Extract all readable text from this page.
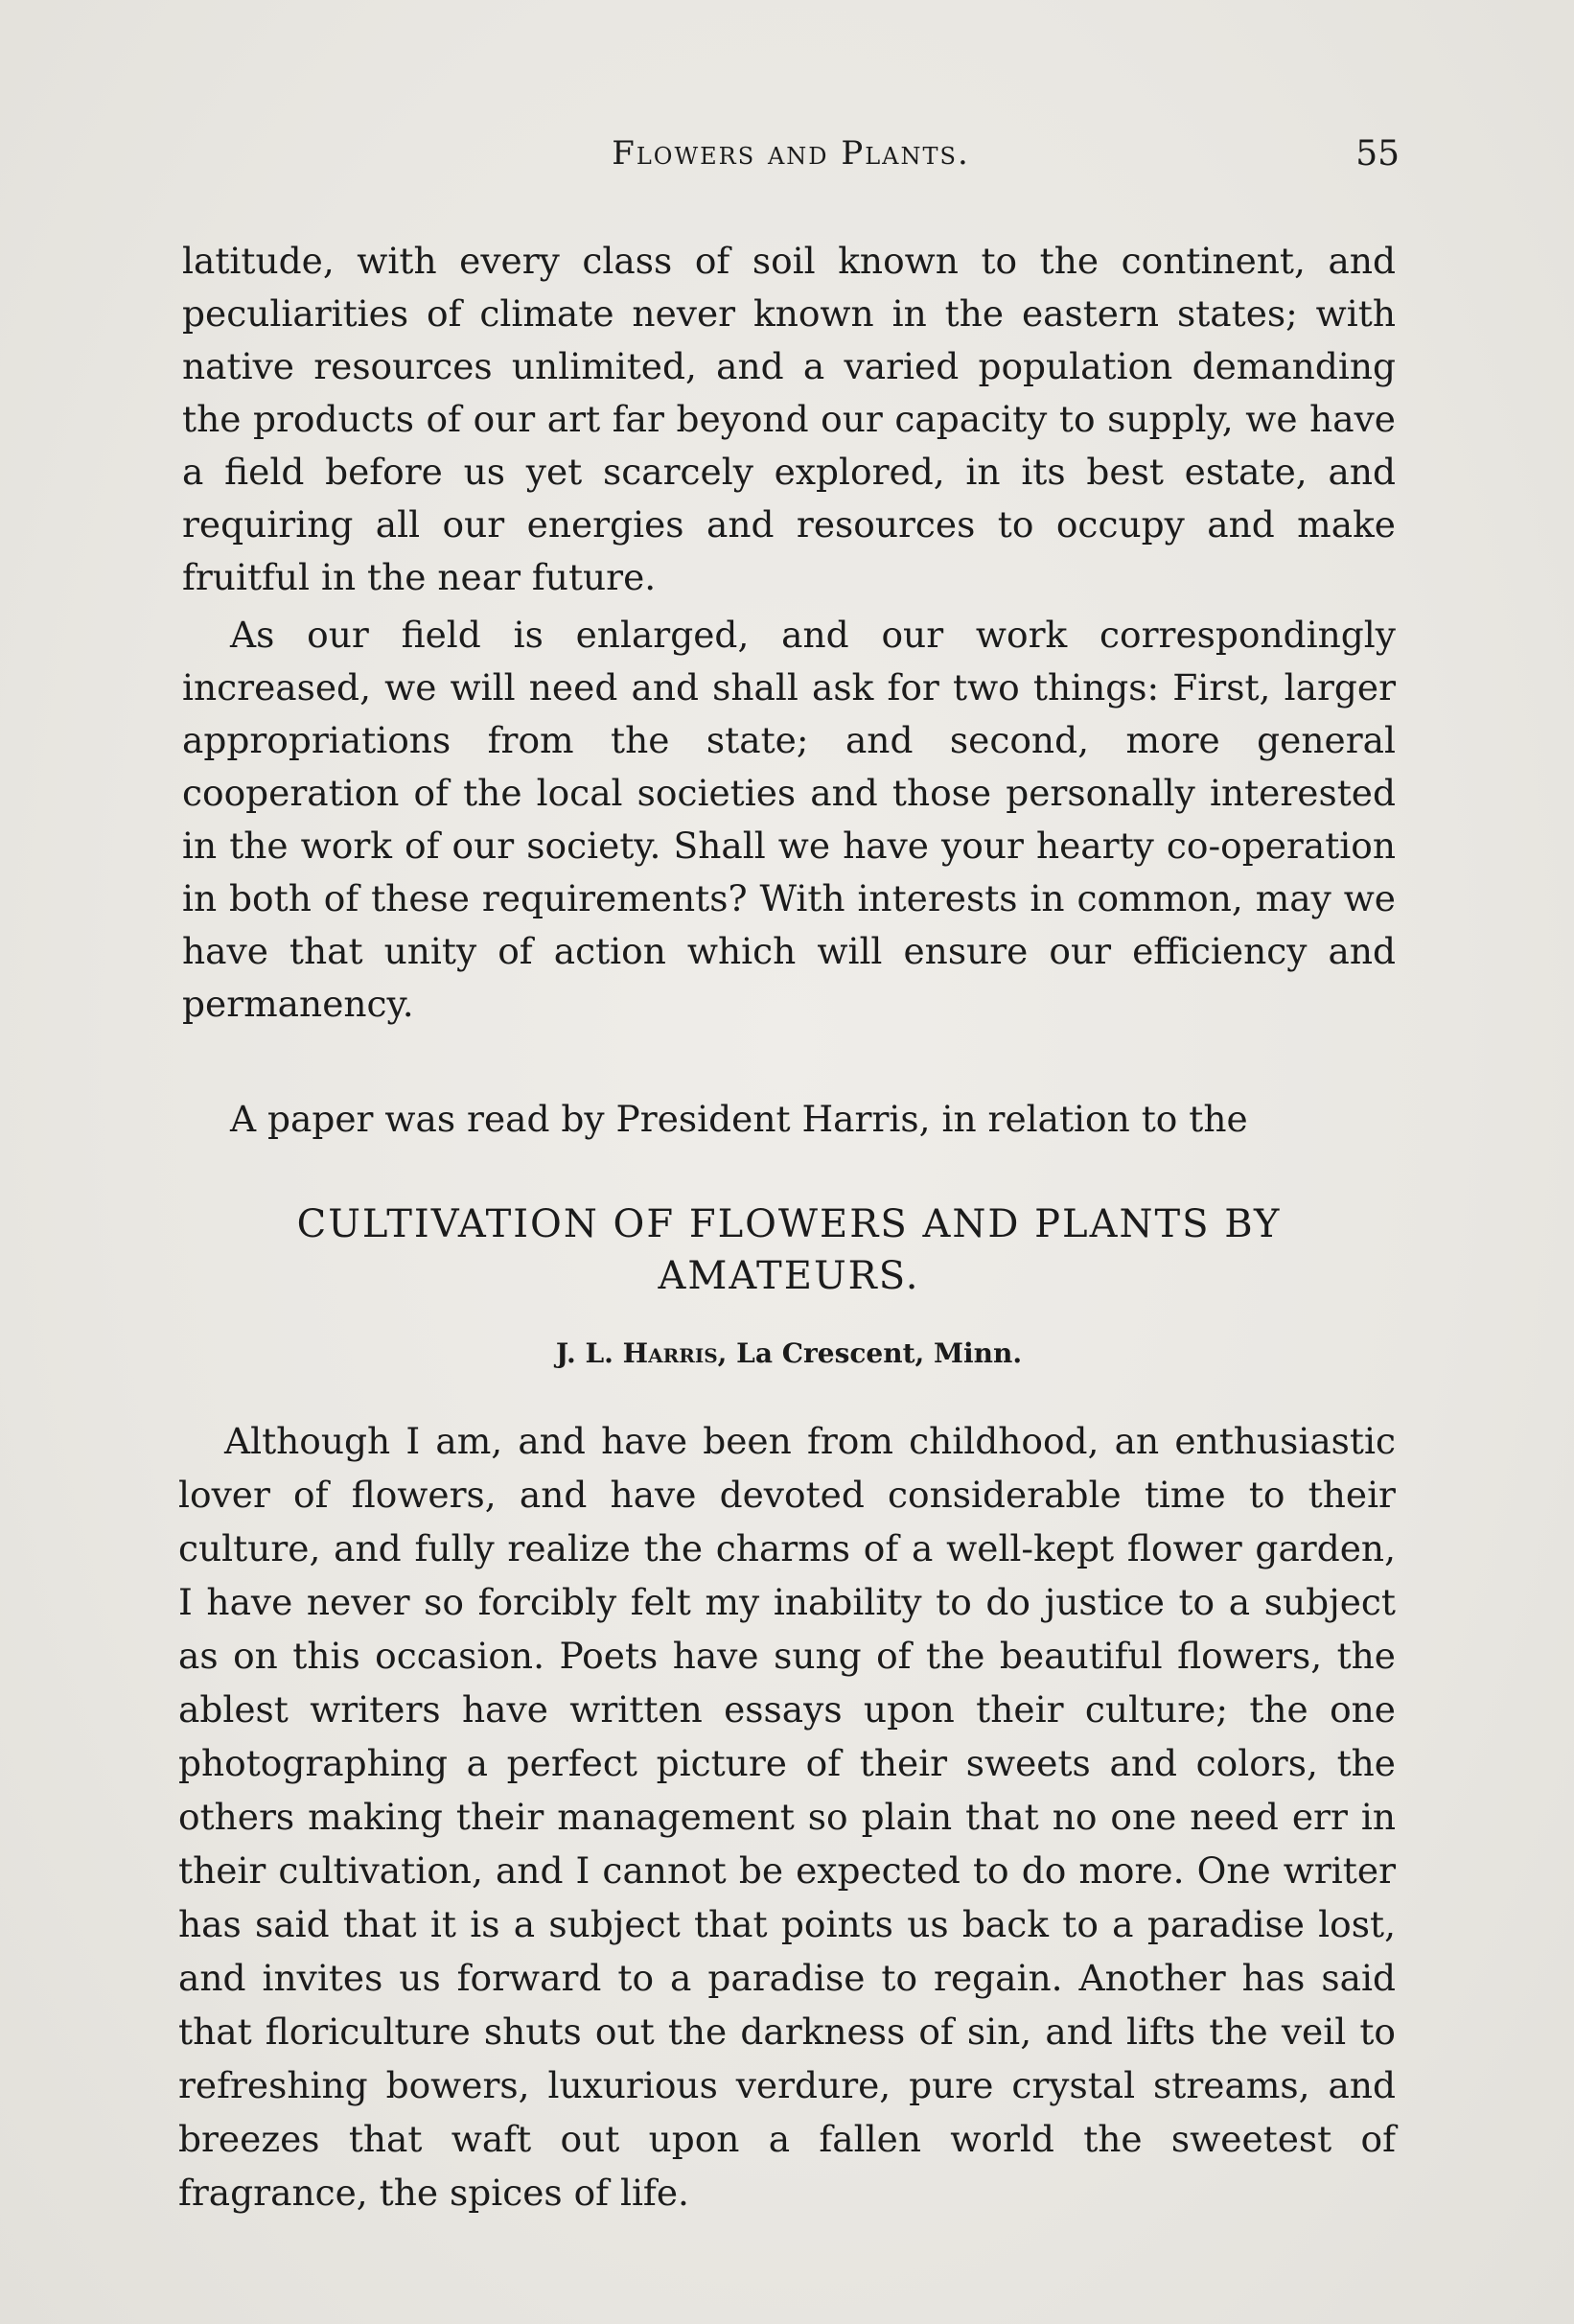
Flowers and Plants.	55

latitude, with every class of soil known to the continent, and peculiarities of climate never known in the eastern states; with native resources unlimited, and a varied population demanding the products of our art far beyond our capacity to supply, we have a field before us yet scarcely explored, in its best estate, and requiring all our energies and resources to occupy and make fruitful in the near future.

As our field is enlarged, and our work correspondingly increased, we will need and shall ask for two things: First, larger appropriations from the state; and second, more general cooperation of the local societies and those personally interested in the work of our society. Shall we have your hearty co-operation in both of these requirements? With interests in common, may we have that unity of action which will ensure our efficiency and permanency.

A paper was read by President Harris, in relation to the

CULTIVATION OF FLOWERS AND PLANTS BY
AMATEURS.

J. L. Harris, La Crescent, Minn.

Although I am, and have been from childhood, an enthusiastic lover of flowers, and have devoted considerable time to their culture, and fully realize the charms of a well-kept flower garden, I have never so forcibly felt my inability to do justice to a subject as on this occasion. Poets have sung of the beautiful flowers, the ablest writers have written essays upon their culture; the one photographing a perfect picture of their sweets and colors, the others making their management so plain that no one need err in their cultivation, and I cannot be expected to do more. One writer has said that it is a subject that points us back to a paradise lost, and invites us forward to a paradise to regain. Another has said that floriculture shuts out the darkness of sin, and lifts the veil to refreshing bowers, luxurious verdure, pure crystal streams, and breezes that waft out upon a fallen world the sweetest of fragrance, the spices of life.
